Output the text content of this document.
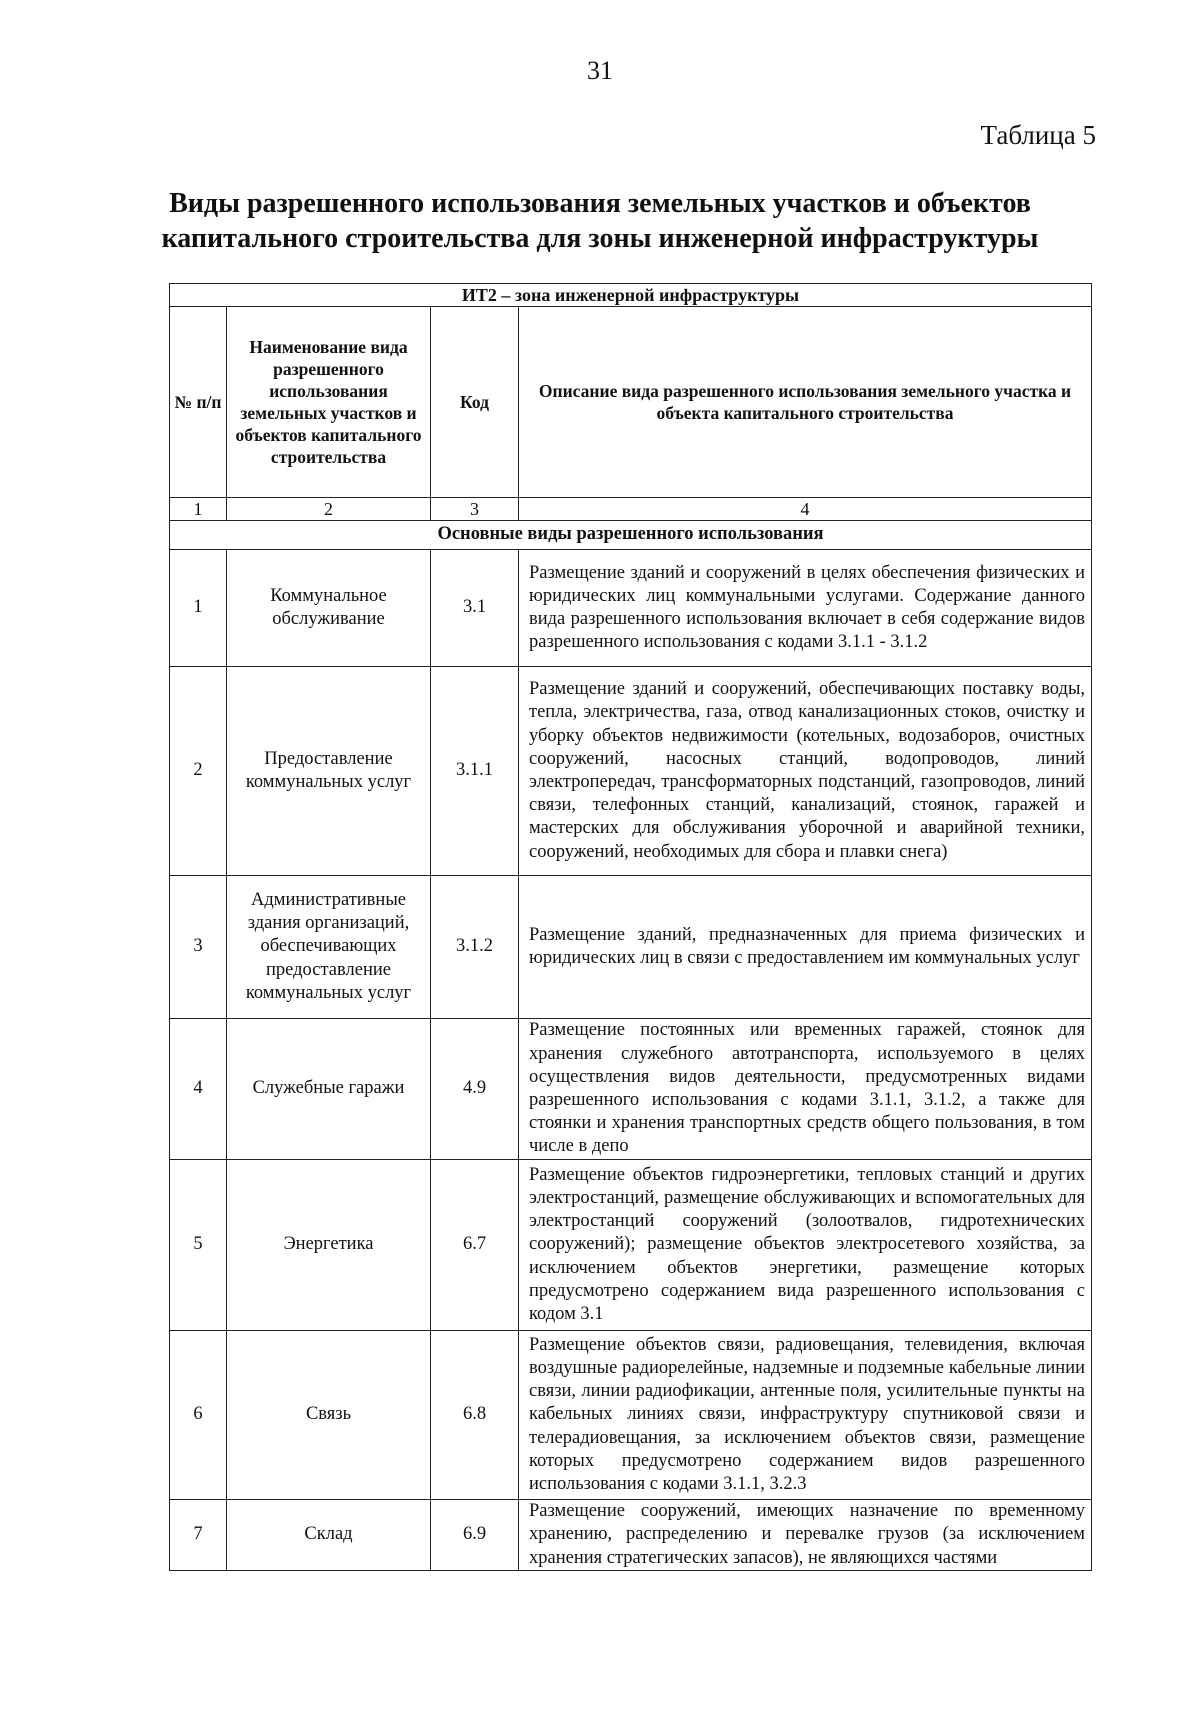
31
Таблица 5
Виды разрешенного использования земельных участков и объектов капитального строительства для зоны инженерной инфраструктуры
ИТ2 – зона инженерной инфраструктуры			
№ п/п	Наименование вида разрешенного использования земельных участков и объектов капитального строительства	Код	Описание вида разрешенного использования земельного участка и объекта капитального строительства
1	2	3	4
Основные виды разрешенного использования			
1	Коммунальное обслуживание	3.1	Размещение зданий и сооружений в целях обеспечения физических и юридических лиц коммунальными услугами. Содержание данного вида разрешенного использования включает в себя содержание видов разрешенного использования с кодами 3.1.1 - 3.1.2
2	Предоставление коммунальных услуг	3.1.1	Размещение зданий и сооружений, обеспечивающих поставку воды, тепла, электричества, газа, отвод канализационных стоков, очистку и уборку объектов недвижимости (котельных, водозаборов, очистных сооружений, насосных станций, водопроводов, линий электропередач, трансформаторных подстанций, газопроводов, линий связи, телефонных станций, канализаций, стоянок, гаражей и мастерских для обслуживания уборочной и аварийной техники, сооружений, необходимых для сбора и плавки снега)
3	Административные здания организаций, обеспечивающих предоставление коммунальных услуг	3.1.2	Размещение зданий, предназначенных для приема физических и юридических лиц в связи с предоставлением им коммунальных услуг
4	Служебные гаражи	4.9	Размещение постоянных или временных гаражей, стоянок для хранения служебного автотранспорта, используемого в целях осуществления видов деятельности, предусмотренных видами разрешенного использования с кодами 3.1.1, 3.1.2, а также для стоянки и хранения транспортных средств общего пользования, в том числе в депо
5	Энергетика	6.7	Размещение объектов гидроэнергетики, тепловых станций и других электростанций, размещение обслуживающих и вспомогательных для электростанций сооружений (золоотвалов, гидротехнических сооружений); размещение объектов электросетевого хозяйства, за исключением объектов энергетики, размещение которых предусмотрено содержанием вида разрешенного использования с кодом 3.1
6	Связь	6.8	Размещение объектов связи, радиовещания, телевидения, включая воздушные радиорелейные, надземные и подземные кабельные линии связи, линии радиофикации, антенные поля, усилительные пункты на кабельных линиях связи, инфраструктуру спутниковой связи и телерадиовещания, за исключением объектов связи, размещение которых предусмотрено содержанием видов разрешенного использования с кодами 3.1.1, 3.2.3
7	Склад	6.9	Размещение сооружений, имеющих назначение по временному хранению, распределению и перевалке грузов (за исключением хранения стратегических запасов), не являющихся частями
